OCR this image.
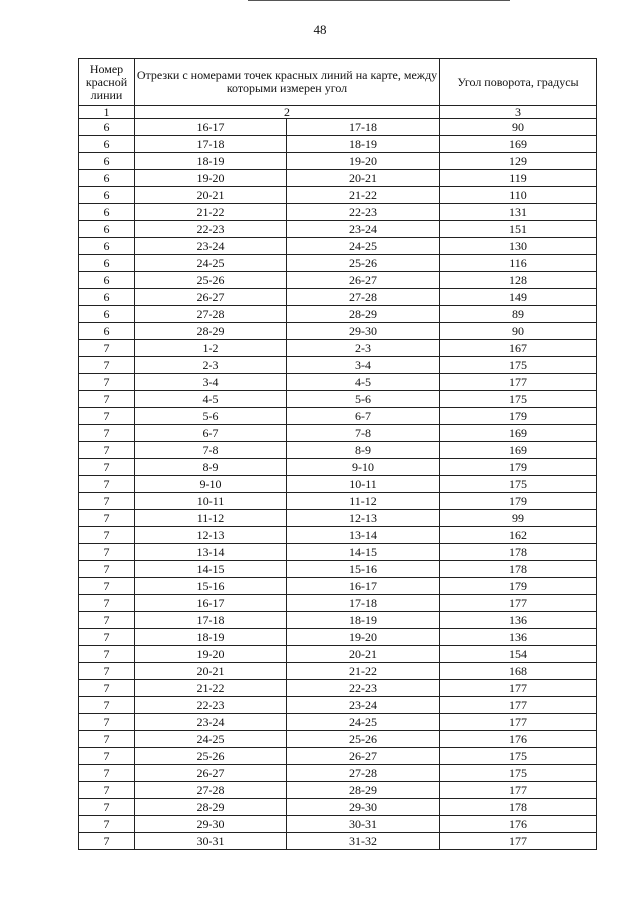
48
Номер красной линии	Отрезки с номерами точек красных линий на карте, между которыми измерен угол		Угол поворота, градусы
1	2		3
6	16-17	17-18	90
6	17-18	18-19	169
6	18-19	19-20	129
6	19-20	20-21	119
6	20-21	21-22	110
6	21-22	22-23	131
6	22-23	23-24	151
6	23-24	24-25	130
6	24-25	25-26	116
6	25-26	26-27	128
6	26-27	27-28	149
6	27-28	28-29	89
6	28-29	29-30	90
7	1-2	2-3	167
7	2-3	3-4	175
7	3-4	4-5	177
7	4-5	5-6	175
7	5-6	6-7	179
7	6-7	7-8	169
7	7-8	8-9	169
7	8-9	9-10	179
7	9-10	10-11	175
7	10-11	11-12	179
7	11-12	12-13	99
7	12-13	13-14	162
7	13-14	14-15	178
7	14-15	15-16	178
7	15-16	16-17	179
7	16-17	17-18	177
7	17-18	18-19	136
7	18-19	19-20	136
7	19-20	20-21	154
7	20-21	21-22	168
7	21-22	22-23	177
7	22-23	23-24	177
7	23-24	24-25	177
7	24-25	25-26	176
7	25-26	26-27	175
7	26-27	27-28	175
7	27-28	28-29	177
7	28-29	29-30	178
7	29-30	30-31	176
7	30-31	31-32	177
